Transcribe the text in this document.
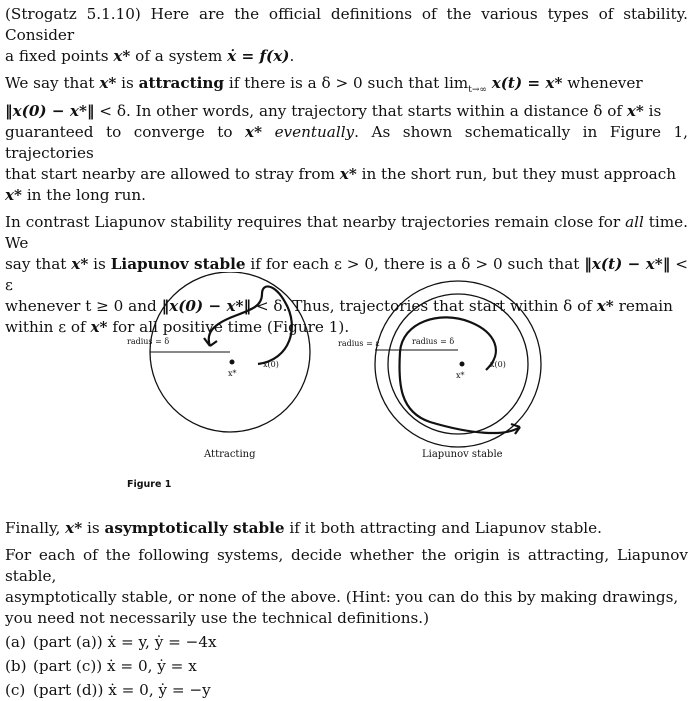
(Strogatz 5.1.10) Here are the official definitions of the various types of stability. Consider
a fixed points x* of a system ẋ = f(x).

We say that x* is attracting if there is a δ > 0 such that $\lim_{t\to\infty} x(t) = x*$ whenever
‖x(0) − x*‖ < δ. In other words, any trajectory that starts within a distance δ of x* is
guaranteed to converge to x* eventually. As shown schematically in Figure 1, trajectories
that start nearby are allowed to stray from x* in the short run, but they must approach
x* in the long run.

In contrast Liapunov stability requires that nearby trajectories remain close for all time. We
say that x* is Liapunov stable if for each ε > 0, there is a δ > 0 such that ‖x(t) − x*‖ < ε
whenever t ≥ 0 and ‖x(0) − x*‖ < δ. Thus, trajectories that start within δ of x* remain
within ε of x* for all positive time (Figure 1).

radius = δ
x*
x(0)
Attracting
radius = ε	radius = δ
x*
x(0)
Liapunov stable
Figure 1

Finally, x* is asymptotically stable if it both attracting and Liapunov stable.

For each of the following systems, decide whether the origin is attracting, Liapunov stable,
asymptotically stable, or none of the above. (Hint: you can do this by making drawings,
you need not necessarily use the technical definitions.)

(a) (part (a)) ẋ = y, ẏ = −4x
(b) (part (c)) ẋ = 0, ẏ = x
(c) (part (d)) ẋ = 0, ẏ = −y
